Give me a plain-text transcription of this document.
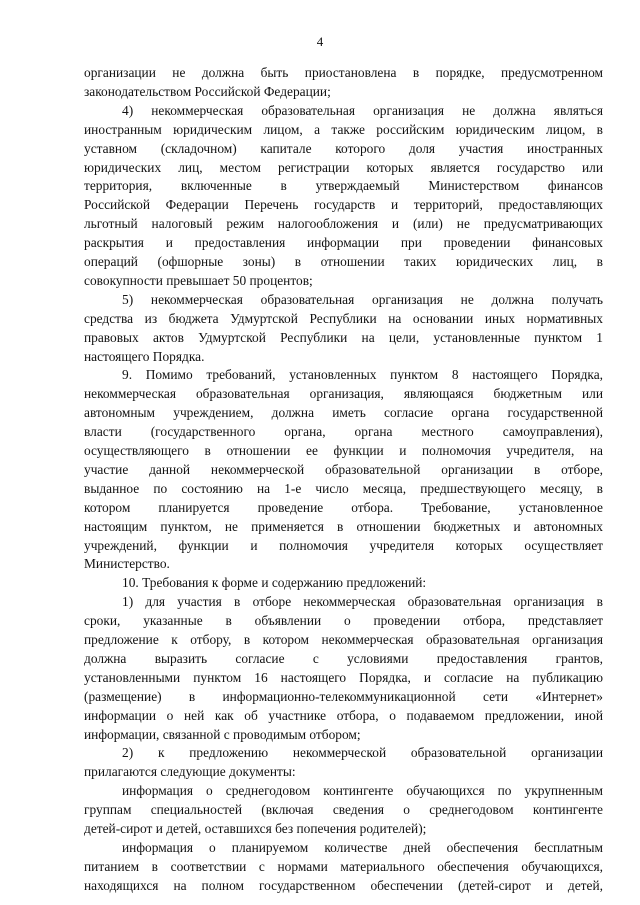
4
организации не должна быть приостановлена в порядке, предусмотренном
законодательством Российской Федерации;
4) некоммерческая образовательная организация не должна являться
иностранным юридическим лицом, а также российским юридическим лицом, в
уставном (складочном) капитале которого доля участия иностранных
юридических лиц, местом регистрации которых является государство или
территория, включенные в утверждаемый Министерством финансов
Российской Федерации Перечень государств и территорий, предоставляющих
льготный налоговый режим налогообложения и (или) не предусматривающих
раскрытия и предоставления информации при проведении финансовых
операций (офшорные зоны) в отношении таких юридических лиц, в
совокупности превышает 50 процентов;
5) некоммерческая образовательная организация не должна получать
средства из бюджета Удмуртской Республики на основании иных нормативных
правовых актов Удмуртской Республики на цели, установленные пунктом 1
настоящего Порядка.
9. Помимо требований, установленных пунктом 8 настоящего Порядка,
некоммерческая образовательная организация, являющаяся бюджетным или
автономным учреждением, должна иметь согласие органа государственной
власти (государственного органа, органа местного самоуправления),
осуществляющего в отношении ее функции и полномочия учредителя, на
участие данной некоммерческой образовательной организации в отборе,
выданное по состоянию на 1-е число месяца, предшествующего месяцу, в
котором планируется проведение отбора. Требование, установленное
настоящим пунктом, не применяется в отношении бюджетных и автономных
учреждений, функции и полномочия учредителя которых осуществляет
Министерство.
10. Требования к форме и содержанию предложений:
1) для участия в отборе некоммерческая образовательная организация в
сроки, указанные в объявлении о проведении отбора, представляет
предложение к отбору, в котором некоммерческая образовательная организация
должна выразить согласие с условиями предоставления грантов,
установленными пунктом 16 настоящего Порядка, и согласие на публикацию
(размещение) в информационно-телекоммуникационной сети «Интернет»
информации о ней как об участнике отбора, о подаваемом предложении, иной
информации, связанной с проводимым отбором;
2) к предложению некоммерческой образовательной организации
прилагаются следующие документы:
информация о среднегодовом контингенте обучающихся по укрупненным
группам специальностей (включая сведения о среднегодовом контингенте
детей-сирот и детей, оставшихся без попечения родителей);
информация о планируемом количестве дней обеспечения бесплатным
питанием в соответствии с нормами материального обеспечения обучающихся,
находящихся на полном государственном обеспечении (детей-сирот и детей,
